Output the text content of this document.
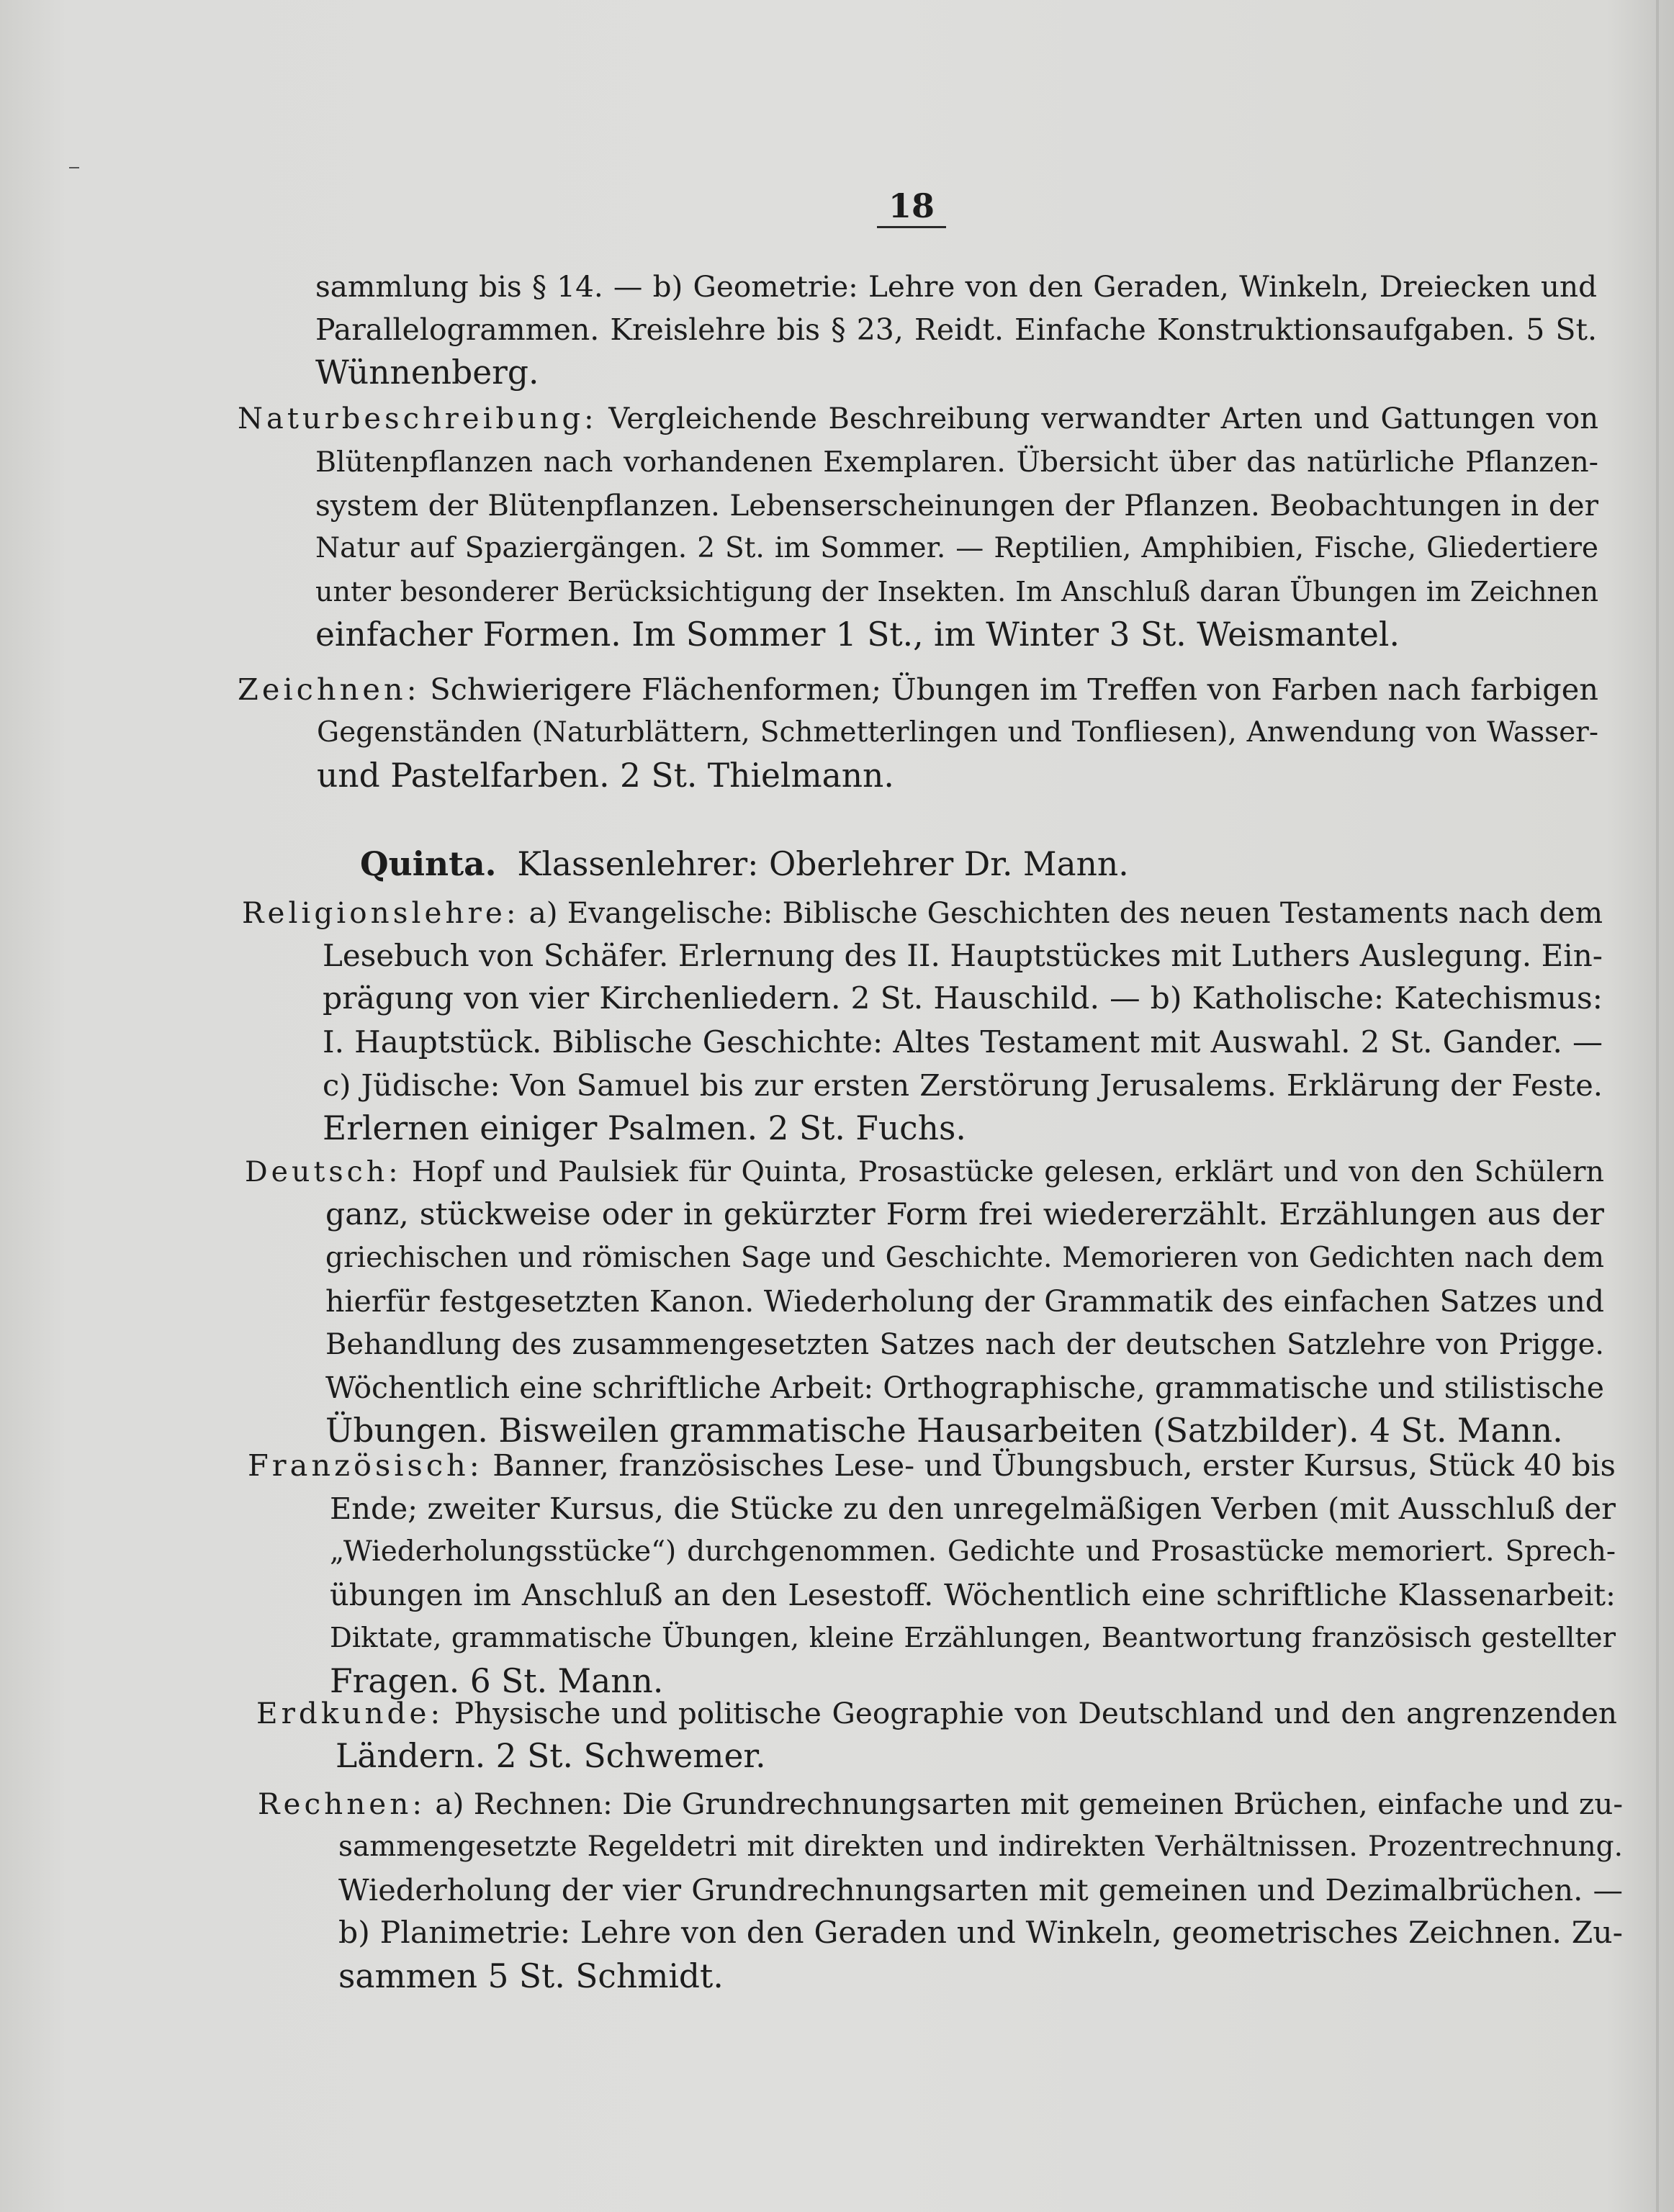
18
sammlung bis § 14. — b) Geometrie: Lehre von den Geraden, Winkeln, Dreiecken und
Parallelogrammen. Kreislehre bis § 23, Reidt. Einfache Konstruktionsaufgaben. 5 St.
Wünnenberg.
Naturbeschreibung: Vergleichende Beschreibung verwandter Arten und Gattungen von
Blütenpflanzen nach vorhandenen Exemplaren. Übersicht über das natürliche Pflanzen-
system der Blütenpflanzen. Lebenserscheinungen der Pflanzen. Beobachtungen in der
Natur auf Spaziergängen. 2 St. im Sommer. — Reptilien, Amphibien, Fische, Gliedertiere
unter besonderer Berücksichtigung der Insekten. Im Anschluß daran Übungen im Zeichnen
einfacher Formen. Im Sommer 1 St., im Winter 3 St. Weismantel.
Zeichnen: Schwierigere Flächenformen; Übungen im Treffen von Farben nach farbigen
Gegenständen (Naturblättern, Schmetterlingen und Tonfliesen), Anwendung von Wasser-
und Pastelfarben. 2 St. Thielmann.
Quinta. Klassenlehrer: Oberlehrer Dr. Mann.
Religionslehre: a) Evangelische: Biblische Geschichten des neuen Testaments nach dem
Lesebuch von Schäfer. Erlernung des II. Hauptstückes mit Luthers Auslegung. Ein-
prägung von vier Kirchenliedern. 2 St. Hauschild. — b) Katholische: Katechismus:
I. Hauptstück. Biblische Geschichte: Altes Testament mit Auswahl. 2 St. Gander. —
c) Jüdische: Von Samuel bis zur ersten Zerstörung Jerusalems. Erklärung der Feste.
Erlernen einiger Psalmen. 2 St. Fuchs.
Deutsch: Hopf und Paulsiek für Quinta, Prosastücke gelesen, erklärt und von den Schülern
ganz, stückweise oder in gekürzter Form frei wiedererzählt. Erzählungen aus der
griechischen und römischen Sage und Geschichte. Memorieren von Gedichten nach dem
hierfür festgesetzten Kanon. Wiederholung der Grammatik des einfachen Satzes und
Behandlung des zusammengesetzten Satzes nach der deutschen Satzlehre von Prigge.
Wöchentlich eine schriftliche Arbeit: Orthographische, grammatische und stilistische
Übungen. Bisweilen grammatische Hausarbeiten (Satzbilder). 4 St. Mann.
Französisch: Banner, französisches Lese- und Übungsbuch, erster Kursus, Stück 40 bis
Ende; zweiter Kursus, die Stücke zu den unregelmäßigen Verben (mit Ausschluß der
„Wiederholungsstücke“) durchgenommen. Gedichte und Prosastücke memoriert. Sprech-
übungen im Anschluß an den Lesestoff. Wöchentlich eine schriftliche Klassenarbeit:
Diktate, grammatische Übungen, kleine Erzählungen, Beantwortung französisch gestellter
Fragen. 6 St. Mann.
Erdkunde: Physische und politische Geographie von Deutschland und den angrenzenden
Ländern. 2 St. Schwemer.
Rechnen: a) Rechnen: Die Grundrechnungsarten mit gemeinen Brüchen, einfache und zu-
sammengesetzte Regeldetri mit direkten und indirekten Verhältnissen. Prozentrechnung.
Wiederholung der vier Grundrechnungsarten mit gemeinen und Dezimalbrüchen. —
b) Planimetrie: Lehre von den Geraden und Winkeln, geometrisches Zeichnen. Zu-
sammen 5 St. Schmidt.
